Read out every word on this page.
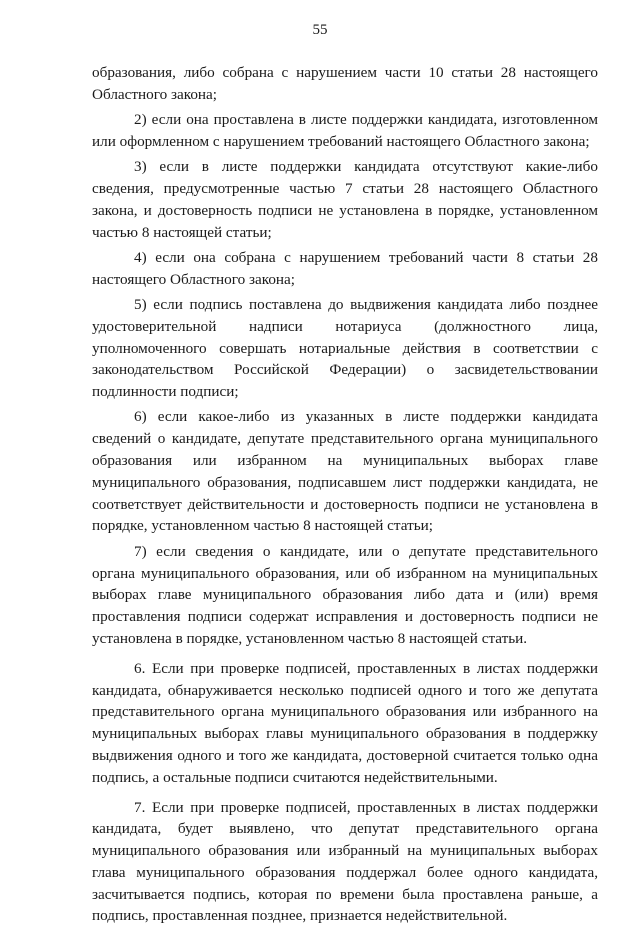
55

образования, либо собрана с нарушением части 10 статьи 28 настоящего Областного закона;

2) если она проставлена в листе поддержки кандидата, изготовленном или оформленном с нарушением требований настоящего Областного закона;

3) если в листе поддержки кандидата отсутствуют какие-либо сведения, предусмотренные частью 7 статьи 28 настоящего Областного закона, и достоверность подписи не установлена в порядке, установленном частью 8 настоящей статьи;

4) если она собрана с нарушением требований части 8 статьи 28 настоящего Областного закона;

5) если подпись поставлена до выдвижения кандидата либо позднее удостоверительной надписи нотариуса (должностного лица, уполномоченного совершать нотариальные действия в соответствии с законодательством Российской Федерации) о засвидетельствовании подлинности подписи;

6) если какое-либо из указанных в листе поддержки кандидата сведений о кандидате, депутате представительного органа муниципального образования или избранном на муниципальных выборах главе муниципального образования, подписавшем лист поддержки кандидата, не соответствует действительности и достоверность подписи не установлена в порядке, установленном частью 8 настоящей статьи;

7) если сведения о кандидате, или о депутате представительного органа муниципального образования, или об избранном на муниципальных выборах главе муниципального образования либо дата и (или) время проставления подписи содержат исправления и достоверность подписи не установлена в порядке, установленном частью 8 настоящей статьи.

6. Если при проверке подписей, проставленных в листах поддержки кандидата, обнаруживается несколько подписей одного и того же депутата представительного органа муниципального образования или избранного на муниципальных выборах главы муниципального образования в поддержку выдвижения одного и того же кандидата, достоверной считается только одна подпись, а остальные подписи считаются недействительными.

7. Если при проверке подписей, проставленных в листах поддержки кандидата, будет выявлено, что депутат представительного органа муниципального образования или избранный на муниципальных выборах глава муниципального образования поддержал более одного кандидата, засчитывается подпись, которая по времени была проставлена раньше, а подпись, проставленная позднее, признается недействительной.
